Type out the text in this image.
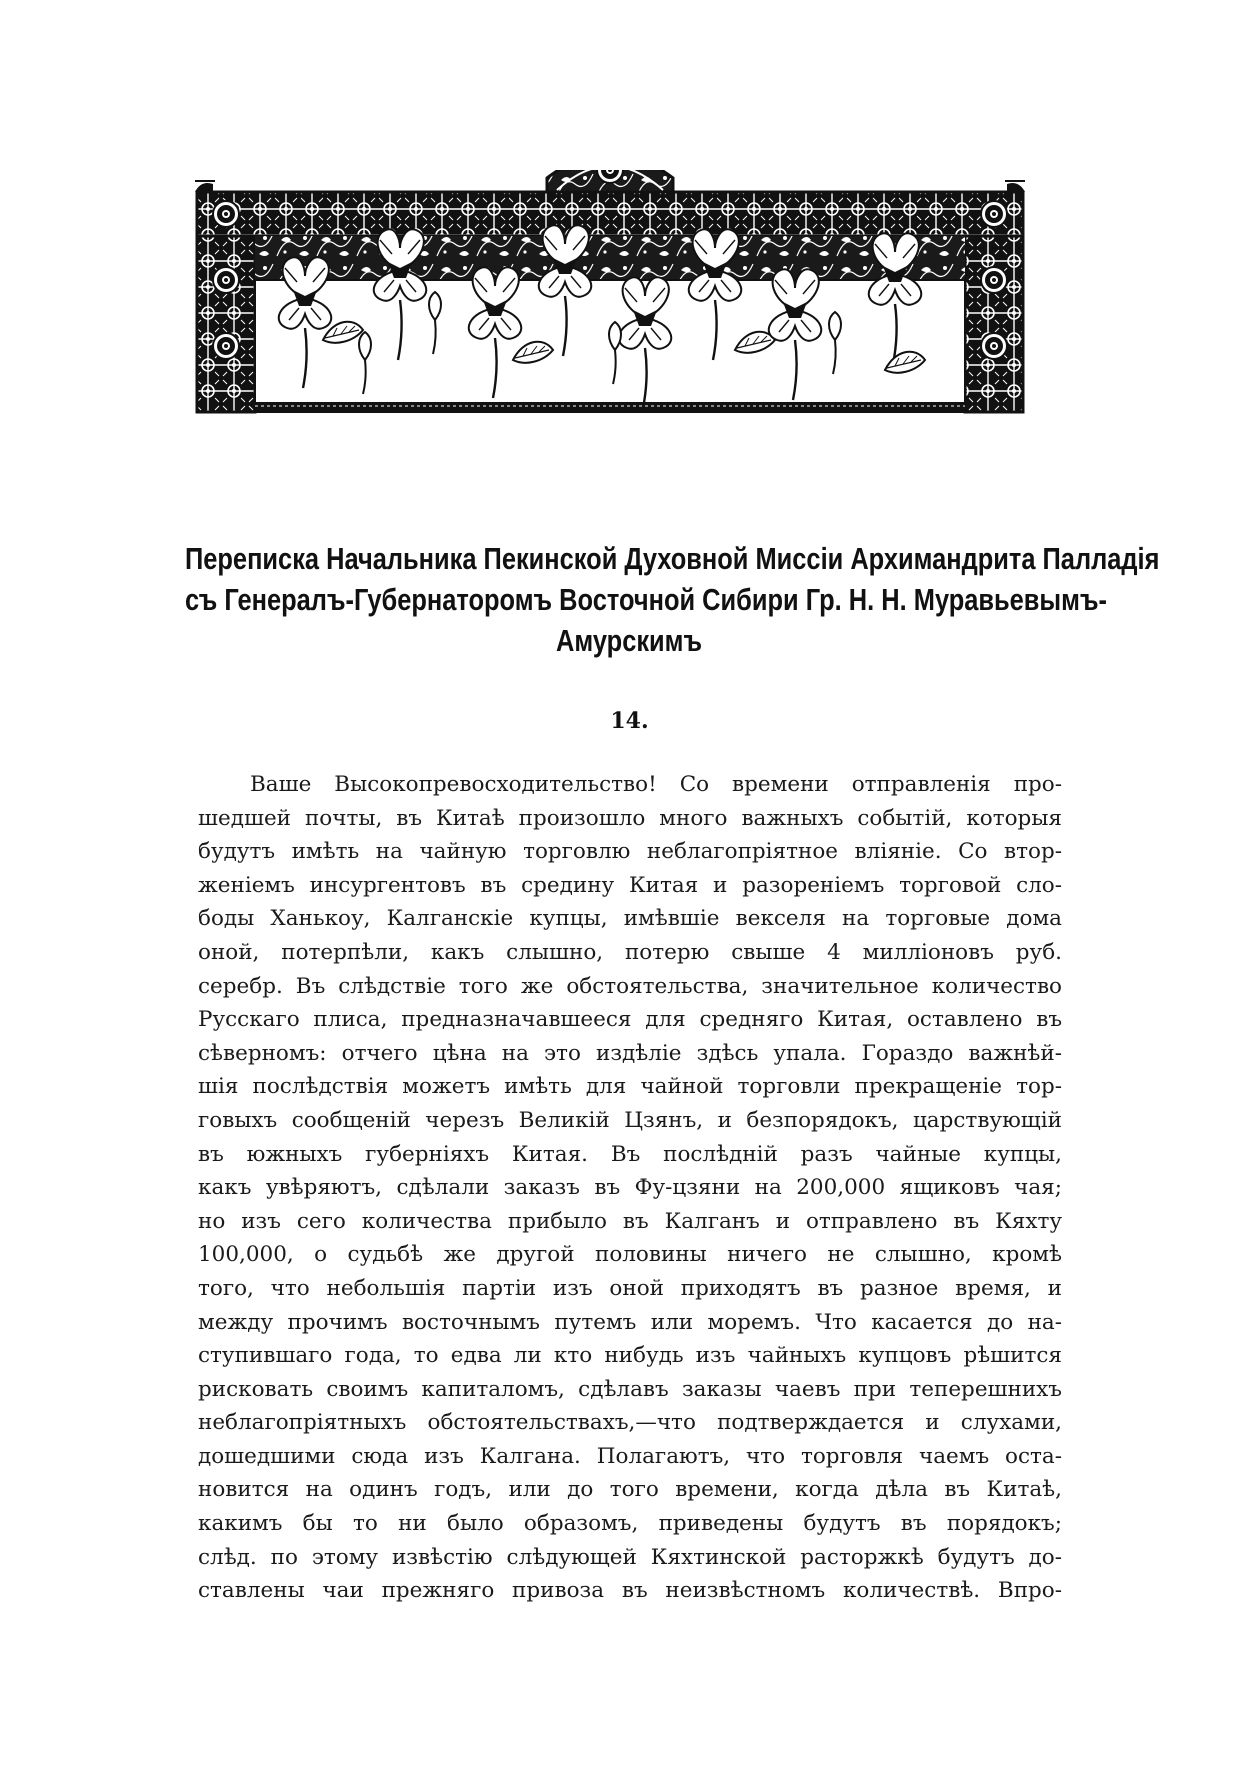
Переписка Начальника Пекинской Духовной Миссіи Архимандрита Палладія
съ Генералъ-Губернаторомъ Восточной Сибири Гр. Н. Н. Муравьевымъ-
Амурскимъ
14.
Ваше Высокопревосходительство! Со времени отправленія про-
шедшей почты, въ Китаѣ произошло много важныхъ событій, которыя
будутъ имѣть на чайную торговлю неблагопріятное вліяніе. Со втор-
женіемъ инсургентовъ въ средину Китая и разореніемъ торговой сло-
боды Ханькоу, Калганскіе купцы, имѣвшіе векселя на торговые дома
оной, потерпѣли, какъ слышно, потерю свыше 4 милліоновъ руб.
серебр. Въ слѣдствіе того же обстоятельства, значительное количество
Русскаго плиса, предназначавшееся для средняго Китая, оставлено въ
сѣверномъ: отчего цѣна на это издѣліе здѣсь упала. Гораздо важнѣй-
шія послѣдствія можетъ имѣть для чайной торговли прекращеніе тор-
говыхъ сообщеній черезъ Великій Цзянъ, и безпорядокъ, царствующій
въ южныхъ губерніяхъ Китая. Въ послѣдній разъ чайные купцы,
какъ увѣряютъ, сдѣлали заказъ въ Фу-цзяни на 200,000 ящиковъ чая;
но изъ сего количества прибыло въ Калганъ и отправлено въ Кяхту
100,000, о судьбѣ же другой половины ничего не слышно, кромѣ
того, что небольшія партіи изъ оной приходятъ въ разное время, и
между прочимъ восточнымъ путемъ или моремъ. Что касается до на-
ступившаго года, то едва ли кто нибудь изъ чайныхъ купцовъ рѣшится
рисковать своимъ капиталомъ, сдѣлавъ заказы чаевъ при теперешнихъ
неблагопріятныхъ обстоятельствахъ,—что подтверждается и слухами,
дошедшими сюда изъ Калгана. Полагаютъ, что торговля чаемъ оста-
новится на одинъ годъ, или до того времени, когда дѣла въ Китаѣ,
какимъ бы то ни было образомъ, приведены будутъ въ порядокъ;
слѣд. по этому извѣстію слѣдующей Кяхтинской расторжкѣ будутъ до-
ставлены чаи прежняго привоза въ неизвѣстномъ количествѣ. Впро-
